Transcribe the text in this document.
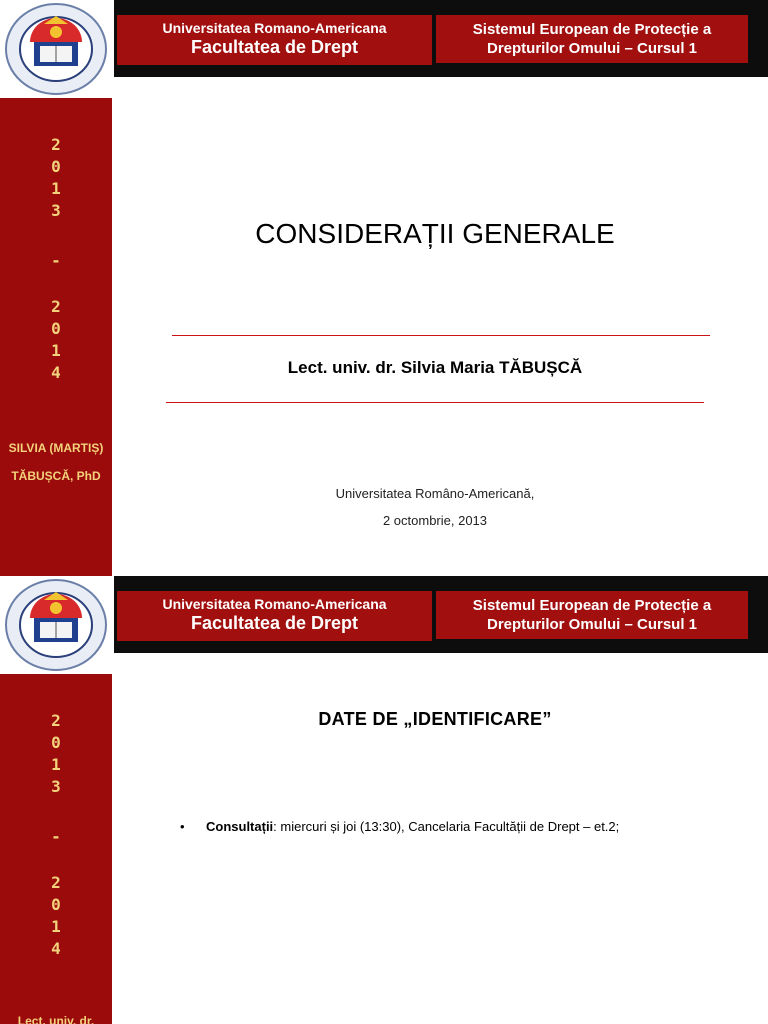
Universitatea Romano-Americana
Facultatea de Drept
Sistemul European de Protecție a
Drepturilor Omului – Cursul 1
2
0
1
3
-
2
0
1
4
SILVIA (MARTIȘ)
TĂBUȘCĂ, PhD
CONSIDERAȚII GENERALE
Lect. univ. dr. Silvia Maria TĂBUȘCĂ
Universitatea Româno-Americană,
2 octombrie, 2013
Universitatea Romano-Americana
Facultatea de Drept
Sistemul European de Protecție a
Drepturilor Omului – Cursul 1
2
0
1
3
-
2
0
1
4
Lect. univ. dr.
DATE DE „IDENTIFICARE”
• Consultații: miercuri și joi (13:30), Cancelaria Facultății de Drept – et.2;
